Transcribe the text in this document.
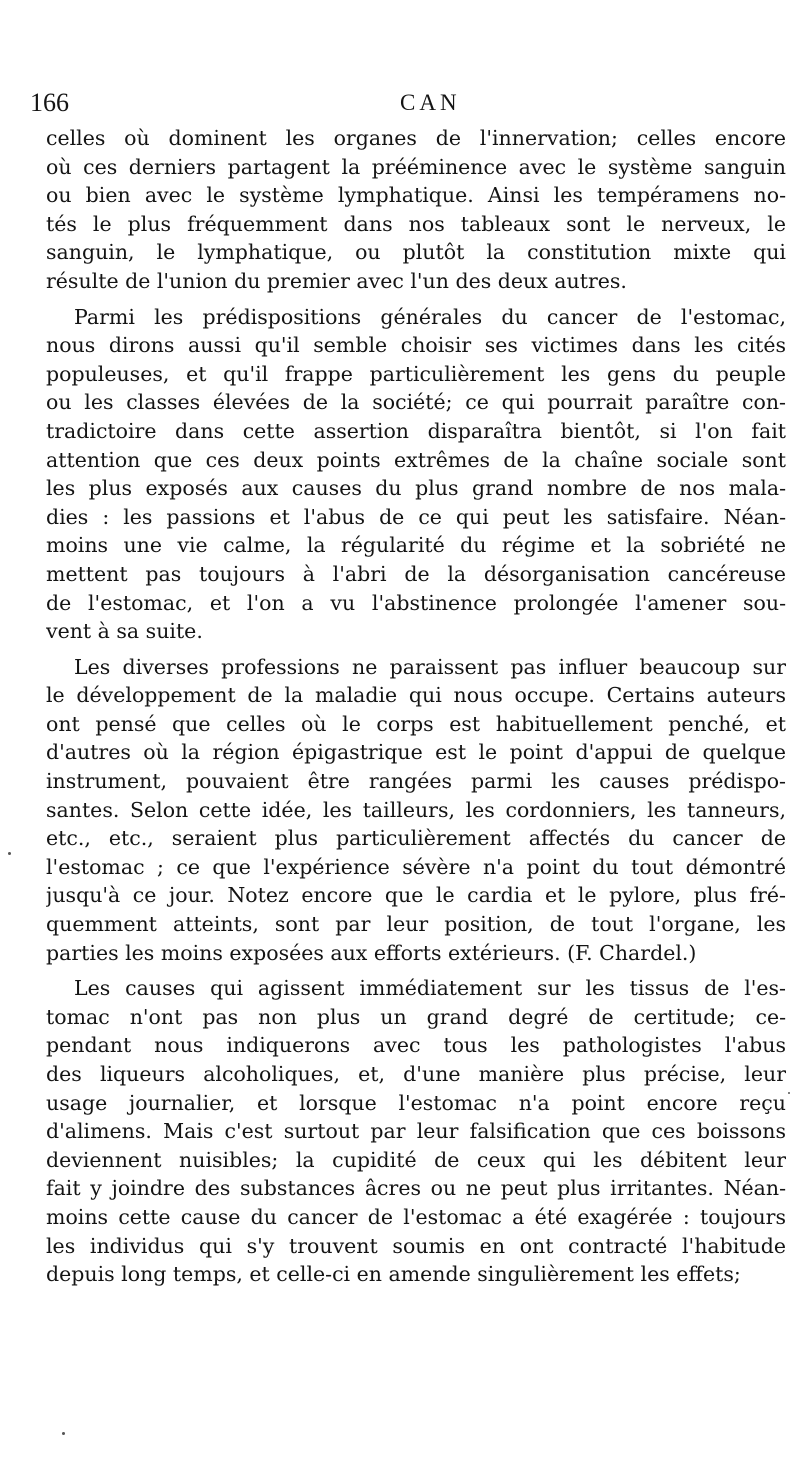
166	CAN
celles où dominent les organes de l'innervation; celles encore
où ces derniers partagent la prééminence avec le système sanguin
ou bien avec le système lymphatique. Ainsi les tempéramens no-
tés le plus fréquemment dans nos tableaux sont le nerveux, le
sanguin, le lymphatique, ou plutôt la constitution mixte qui
résulte de l'union du premier avec l'un des deux autres.
Parmi les prédispositions générales du cancer de l'estomac,
nous dirons aussi qu'il semble choisir ses victimes dans les cités
populeuses, et qu'il frappe particulièrement les gens du peuple
ou les classes élevées de la société; ce qui pourrait paraître con-
tradictoire dans cette assertion disparaîtra bientôt, si l'on fait
attention que ces deux points extrêmes de la chaîne sociale sont
les plus exposés aux causes du plus grand nombre de nos mala-
dies : les passions et l'abus de ce qui peut les satisfaire. Néan-
moins une vie calme, la régularité du régime et la sobriété ne
mettent pas toujours à l'abri de la désorganisation cancéreuse
de l'estomac, et l'on a vu l'abstinence prolongée l'amener sou-
vent à sa suite.
Les diverses professions ne paraissent pas influer beaucoup sur
le développement de la maladie qui nous occupe. Certains auteurs
ont pensé que celles où le corps est habituellement penché, et
d'autres où la région épigastrique est le point d'appui de quelque
instrument, pouvaient être rangées parmi les causes prédispo-
santes. Selon cette idée, les tailleurs, les cordonniers, les tanneurs,
etc., etc., seraient plus particulièrement affectés du cancer de
l'estomac ; ce que l'expérience sévère n'a point du tout démontré
jusqu'à ce jour. Notez encore que le cardia et le pylore, plus fré-
quemment atteints, sont par leur position, de tout l'organe, les
parties les moins exposées aux efforts extérieurs. (F. Chardel.)
Les causes qui agissent immédiatement sur les tissus de l'es-
tomac n'ont pas non plus un grand degré de certitude; ce-
pendant nous indiquerons avec tous les pathologistes l'abus
des liqueurs alcoholiques, et, d'une manière plus précise, leur
usage journalier, et lorsque l'estomac n'a point encore reçu
d'alimens. Mais c'est surtout par leur falsification que ces boissons
deviennent nuisibles; la cupidité de ceux qui les débitent leur
fait y joindre des substances âcres ou ne peut plus irritantes. Néan-
moins cette cause du cancer de l'estomac a été exagérée : toujours
les individus qui s'y trouvent soumis en ont contracté l'habitude
depuis long temps, et celle-ci en amende singulièrement les effets;
